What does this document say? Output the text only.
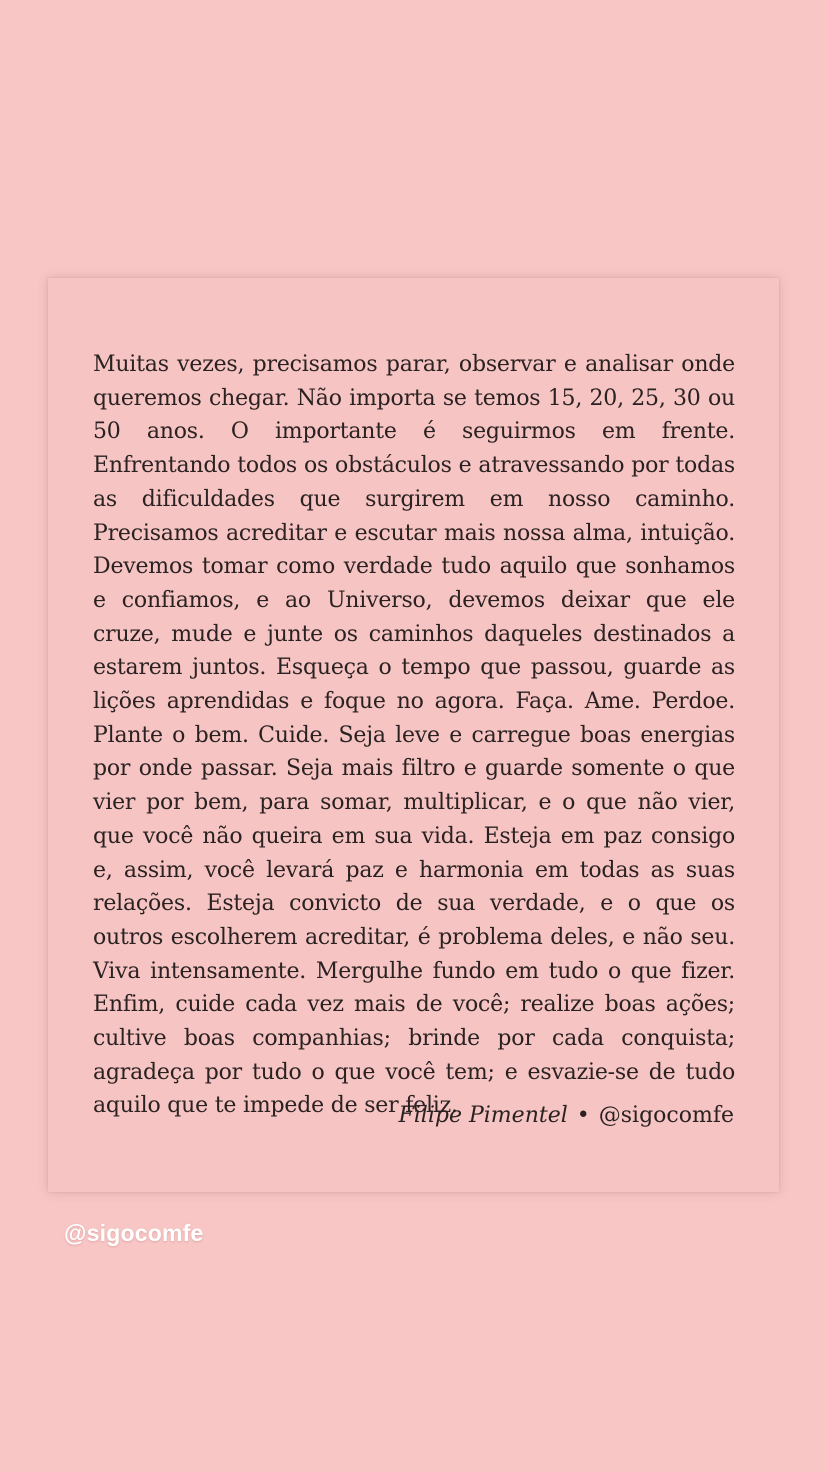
Muitas vezes, precisamos parar, observar e analisar onde queremos chegar. Não importa se temos 15, 20, 25, 30 ou 50 anos. O importante é seguirmos em frente. Enfrentando todos os obstáculos e atravessando por todas as dificuldades que surgirem em nosso caminho. Precisamos acreditar e escutar mais nossa alma, intuição. Devemos tomar como verdade tudo aquilo que sonhamos e confiamos, e ao Universo, devemos deixar que ele cruze, mude e junte os caminhos daqueles destinados a estarem juntos. Esqueça o tempo que passou, guarde as lições aprendidas e foque no agora. Faça. Ame. Perdoe. Plante o bem. Cuide. Seja leve e carregue boas energias por onde passar. Seja mais filtro e guarde somente o que vier por bem, para somar, multiplicar, e o que não vier, que você não queira em sua vida. Esteja em paz consigo e, assim, você levará paz e harmonia em todas as suas relações. Esteja convicto de sua verdade, e o que os outros escolherem acreditar, é problema deles, e não seu. Viva intensamente. Mergulhe fundo em tudo o que fizer. Enfim, cuide cada vez mais de você; realize boas ações; cultive boas companhias; brinde por cada conquista; agradeça por tudo o que você tem; e esvazie-se de tudo aquilo que te impede de ser feliz.

Filipe Pimentel • @sigocomfe
@sigocomfe
